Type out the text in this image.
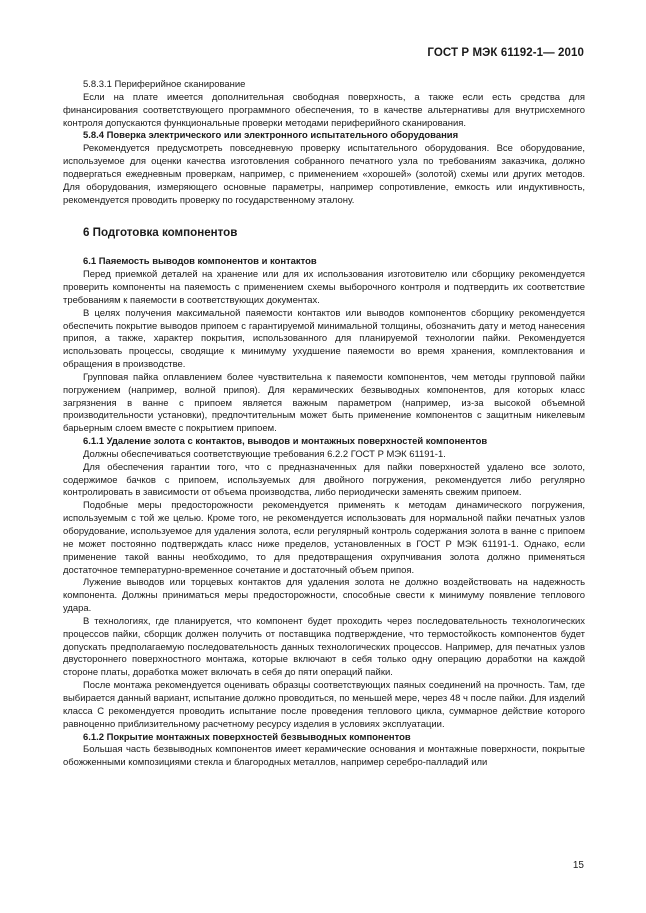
ГОСТ Р МЭК 61192-1— 2010
5.8.3.1 Периферийное сканирование
Если на плате имеется дополнительная свободная поверхность, а также если есть средства для финансирования соответствующего программного обеспечения, то в качестве альтернативы для внутрисхемного контроля допускаются функциональные проверки методами периферийного сканирования.
5.8.4 Поверка электрического или электронного испытательного оборудования
Рекомендуется предусмотреть повседневную проверку испытательного оборудования. Все оборудование, используемое для оценки качества изготовления собранного печатного узла по требованиям заказчика, должно подвергаться ежедневным проверкам, например, с применением «хорошей» (золотой) схемы или других методов. Для оборудования, измеряющего основные параметры, например сопротивление, емкость или индуктивность, рекомендуется проводить проверку по государственному эталону.
6 Подготовка компонентов
6.1 Паяемость выводов компонентов и контактов
Перед приемкой деталей на хранение или для их использования изготовителю или сборщику рекомендуется проверить компоненты на паяемость с применением схемы выборочного контроля и подтвердить их соответствие требованиям к паяемости в соответствующих документах.
В целях получения максимальной паяемости контактов или выводов компонентов сборщику рекомендуется обеспечить покрытие выводов припоем с гарантируемой минимальной толщины, обозначить дату и метод нанесения припоя, а также, характер покрытия, использованного для планируемой технологии пайки. Рекомендуется использовать процессы, сводящие к минимуму ухудшение паяемости во время хранения, комплектования и обращения в производстве.
Групповая пайка оплавлением более чувствительна к паяемости компонентов, чем методы групповой пайки погружением (например, волной припоя). Для керамических безвыводных компонентов, для которых класс загрязнения в ванне с припоем является важным параметром (например, из-за высокой объемной производительности установки), предпочтительным может быть применение компонентов с защитным никелевым барьерным слоем вместе с покрытием припоем.
6.1.1 Удаление золота с контактов, выводов и монтажных поверхностей компонентов
Должны обеспечиваться соответствующие требования 6.2.2 ГОСТ Р МЭК 61191-1.
Для обеспечения гарантии того, что с предназначенных для пайки поверхностей удалено все золото, содержимое бачков с припоем, используемых для двойного погружения, рекомендуется либо регулярно контролировать в зависимости от объема производства, либо периодически заменять свежим припоем.
Подобные меры предосторожности рекомендуется применять к методам динамического погружения, используемым с той же целью. Кроме того, не рекомендуется использовать для нормальной пайки печатных узлов оборудование, используемое для удаления золота, если регулярный контроль содержания золота в ванне с припоем не может постоянно подтверждать класс ниже пределов, установленных в ГОСТ Р МЭК 61191-1. Однако, если применение такой ванны необходимо, то для предотвращения охрупчивания золота должно применяться достаточное температурно-временное сочетание и достаточный объем припоя.
Лужение выводов или торцевых контактов для удаления золота не должно воздействовать на надежность компонента. Должны приниматься меры предосторожности, способные свести к минимуму появление теплового удара.
В технологиях, где планируется, что компонент будет проходить через последовательность технологических процессов пайки, сборщик должен получить от поставщика подтверждение, что термостойкость компонентов будет допускать предполагаемую последовательность данных технологических процессов. Например, для печатных узлов двустороннего поверхностного монтажа, которые включают в себя только одну операцию доработки на каждой стороне платы, доработка может включать в себя до пяти операций пайки.
После монтажа рекомендуется оценивать образцы соответствующих паяных соединений на прочность. Там, где выбирается данный вариант, испытание должно проводиться, по меньшей мере, через 48 ч после пайки. Для изделий класса C рекомендуется проводить испытание после проведения теплового цикла, суммарное действие которого равноценно приблизительному расчетному ресурсу изделия в условиях эксплуатации.
6.1.2 Покрытие монтажных поверхностей безвыводных компонентов
Большая часть безвыводных компонентов имеет керамические основания и монтажные поверхности, покрытые обожженными композициями стекла и благородных металлов, например серебро-палладий или
15
